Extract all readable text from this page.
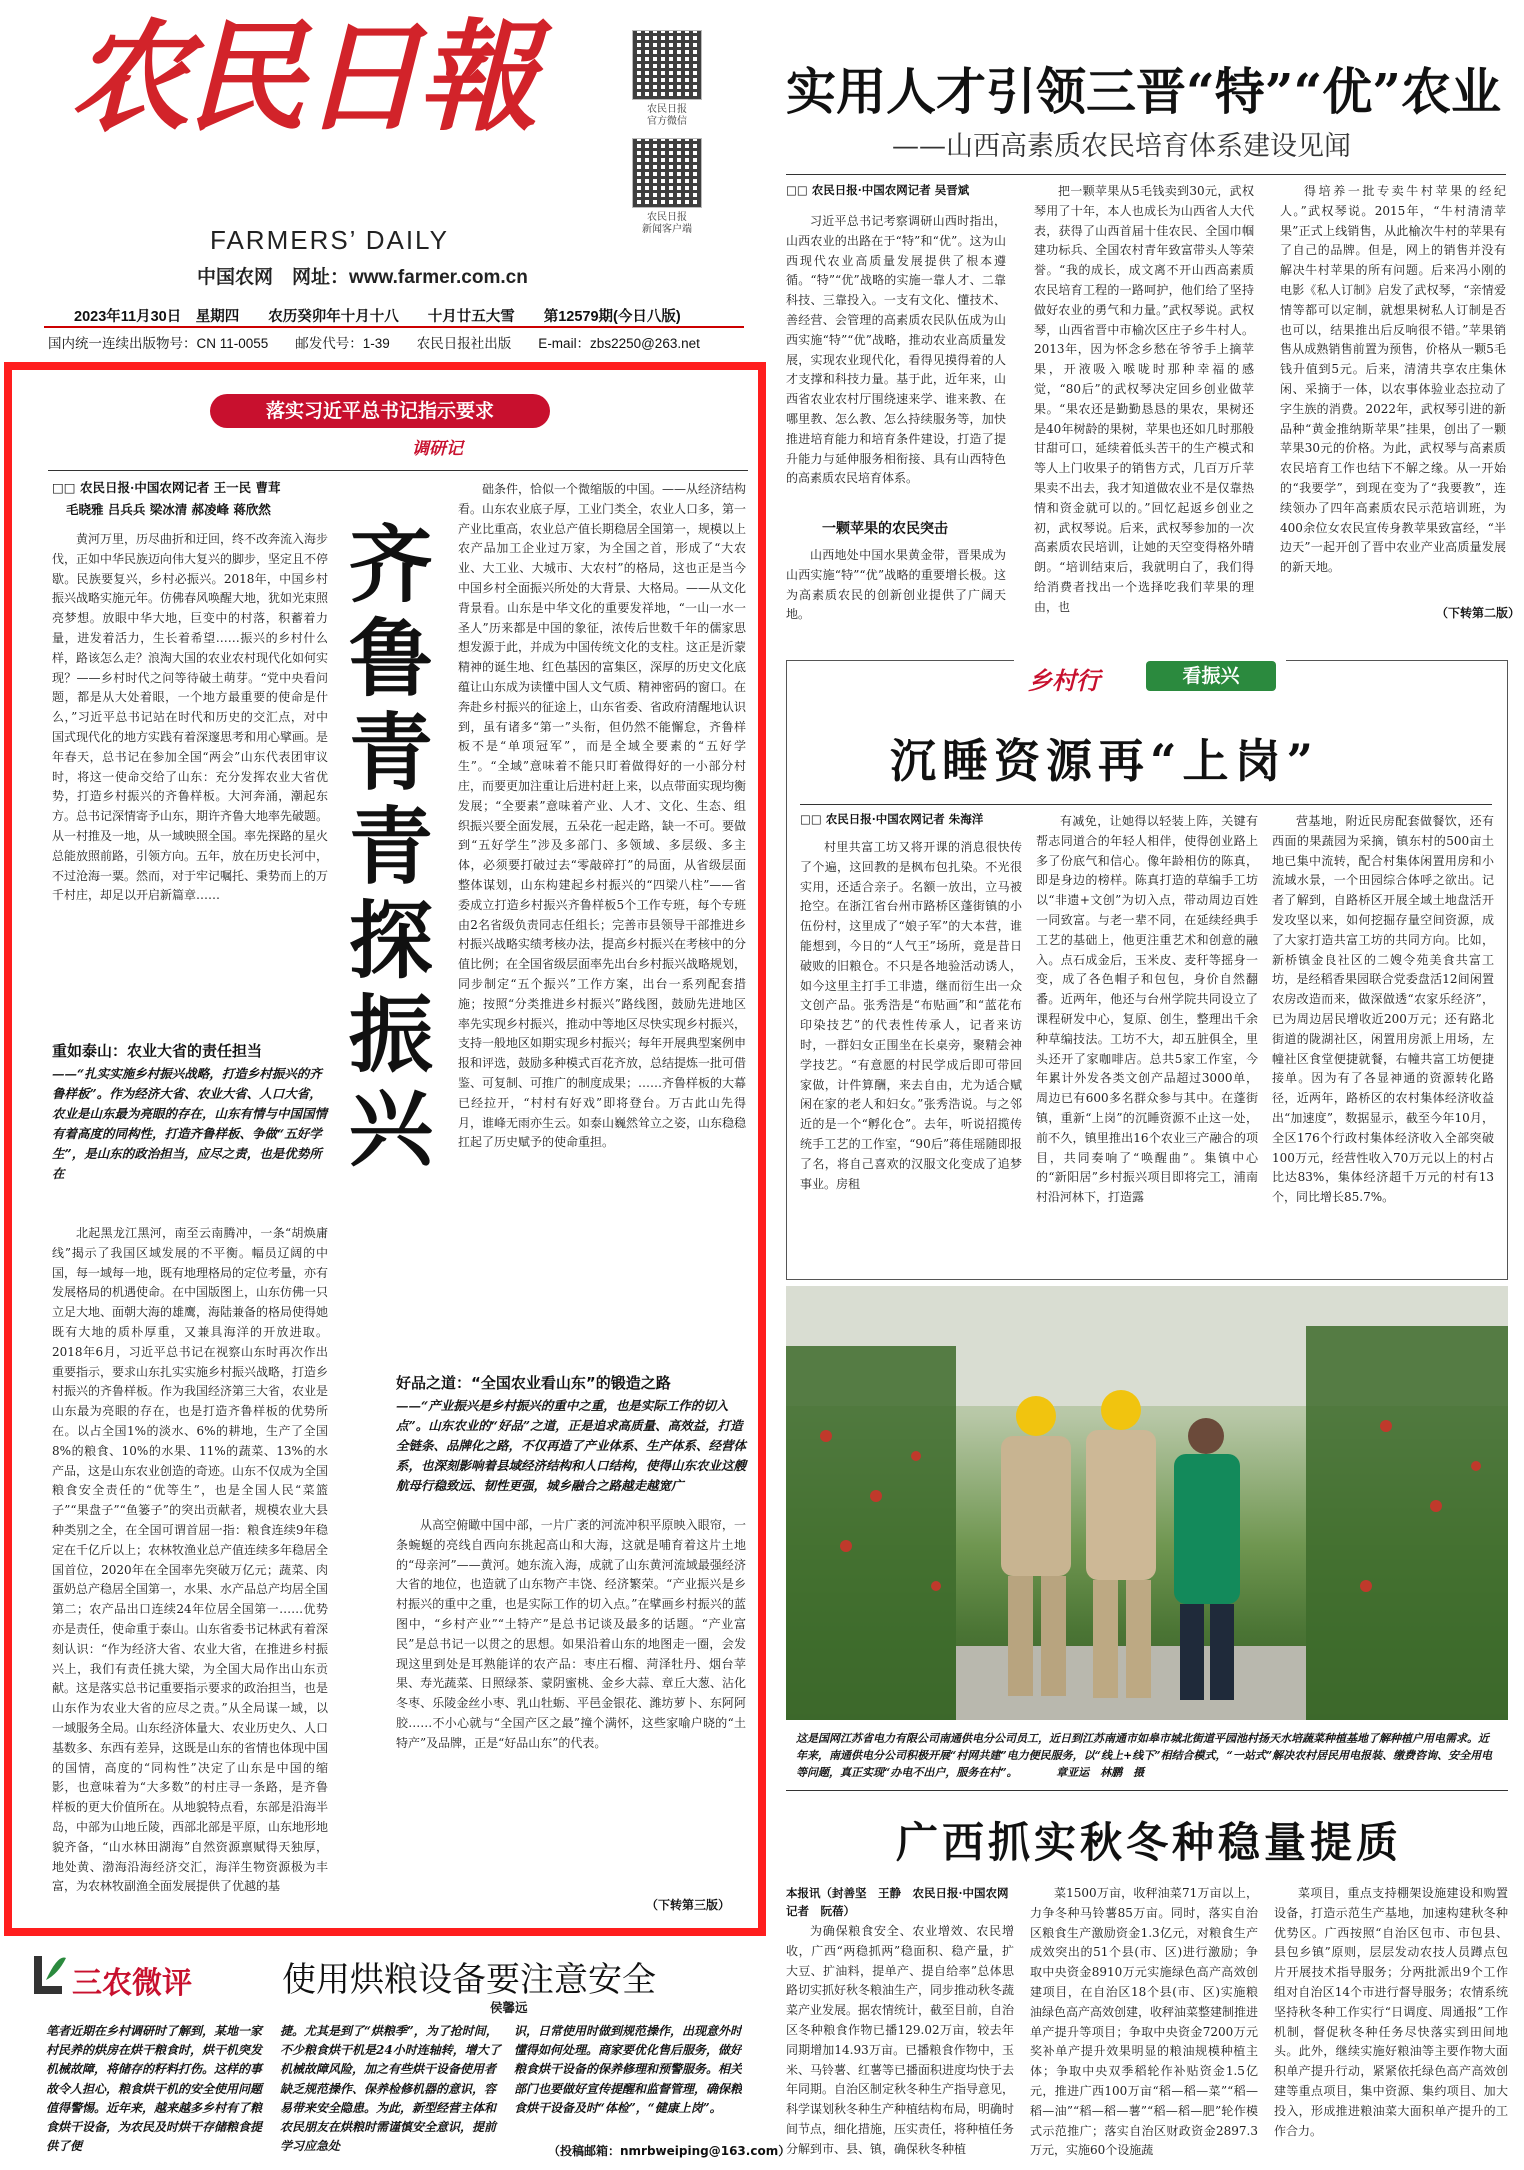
农民日報
FARMERS’ DAILY
中国农网　网址：www.farmer.com.cn
农民日报
官方微信
农民日报
新闻客户端
2023年11月30日　星期四　　农历癸卯年十月十八　　十月廿五大雪　　第12579期(今日八版)
国内统一连续出版物号：CN 11-0055　　邮发代号：1-39　　农民日报社出版　　E-mail：zbs2250@263.net
实用人才引领三晋“特”“优”农业
——山西高素质农民培育体系建设见闻
□□ 农民日报·中国农网记者 吴晋斌

习近平总书记考察调研山西时指出，山西农业的出路在于“特”和“优”。这为山西现代农业高质量发展提供了根本遵循。“特”“优”战略的实施一靠人才、二靠科技、三靠投入。一支有文化、懂技术、善经营、会管理的高素质农民队伍成为山西实施“特”“优”战略，推动农业高质量发展，实现农业现代化，看得见摸得着的人才支撑和科技力量。基于此，近年来，山西省农业农村厅围绕速来学、谁来教、在哪里教、怎么教、怎么持续服务等，加快推进培育能力和培育条件建设，打造了提升能力与延伸服务相衔接、具有山西特色的高素质农民培育体系。

一颗苹果的农民突击

山西地处中国水果黄金带，晋果成为山西实施“特”“优”战略的重要增长极。这为高素质农民的创新创业提供了广阔天地。

把一颗苹果从5毛钱卖到30元，武权琴用了十年，本人也成长为山西省人大代表，获得了山西首届十佳农民、全国巾帼建功标兵、全国农村青年致富带头人等荣誉。“我的成长，成文离不开山西高素质农民培育工程的一路呵护，他们给了坚持做好农业的勇气和力量。”武权琴说。武权琴，山西省晋中市榆次区庄子乡牛村人。2013年，因为怀念乡愁在爷爷手上摘苹果，开液吸入喉咙时那种幸福的感觉，“80后”的武权琴决定回乡创业做苹果。“果农还是勤勤恳恳的果农，果树还是40年树龄的果树，苹果也还如几时那般甘甜可口，延续着低头苦干的生产模式和等人上门收果子的销售方式，几百万斤苹果卖不出去，我才知道做农业不是仅靠热情和资金就可以的。”回忆起返乡创业之初，武权琴说。后来，武权琴参加的一次高素质农民培训，让她的天空变得格外晴朗。“培训结束后，我就明白了，我们得给消费者找出一个选择吃我们苹果的理由，也

得培养一批专卖牛村苹果的经纪人。”武权琴说。2015年，“牛村清清苹果”正式上线销售，从此榆次牛村的苹果有了自己的品牌。但是，网上的销售并没有解决牛村苹果的所有问题。后来冯小刚的电影《私人订制》启发了武权琴，“亲情爱情等都可以定制，就想果树私人订制是否也可以，结果推出后反响很不错。”苹果销售从成熟销售前置为预售，价格从一颗5毛钱升值到5元。后来，清清共享农庄集休闲、采摘于一体，以农事体验业态拉动了字生族的消费。2022年，武权琴引进的新品种“黄金推纳斯苹果”挂果，创出了一颗苹果30元的价格。为此，武权琴与高素质农民培育工作也结下不解之缘。从一开始的“我要学”，到现在变为了“我要教”，连续领办了四年高素质农民示范培训班，为400余位女农民宣传身教苹果致富经，“半边天”一起开创了晋中农业产业高质量发展的新天地。

（下转第二版）
落实习近平总书记指示要求
调研记
□□ 农民日报·中国农网记者 王一民 曹茸
毛晓雅 吕兵兵 梁冰清 郝凌峰 蒋欣然

黄河万里，历尽曲折和迂回，终不改奔流入海步伐，正如中华民族迈向伟大复兴的脚步，坚定且不停歇。民族要复兴，乡村必振兴。2018年，中国乡村振兴战略实施元年。仿佛春风唤醒大地，犹如光束照亮梦想。放眼中华大地，巨变中的村落，积蓄着力量，进发着活力，生长着希望……振兴的乡村什么样，路该怎么走？浪淘大国的农业农村现代化如何实现？——乡村时代之问等待破土萌芽。“党中央看问题，都是从大处着眼，一个地方最重要的使命是什么，”习近平总书记站在时代和历史的交汇点，对中国式现代化的地方实践有着深邃思考和用心擘画。是年春天，总书记在参加全国“两会”山东代表团审议时，将这一使命交给了山东：充分发挥农业大省优势，打造乡村振兴的齐鲁样板。大河奔涌，潮起东方。总书记深情寄予山东，期许齐鲁大地率先破题。从一村推及一地，从一域映照全国。率先探路的星火总能放照前路，引领方向。五年，放在历史长河中，不过沧海一粟。然而，对于牢记嘱托、秉势而上的万千村庄，却足以开启新篇章……

重如泰山：农业大省的责任担当
——“扎实实施乡村振兴战略，打造乡村振兴的齐鲁样板”。作为经济大省、农业大省、人口大省，农业是山东最为亮眼的存在，山东有情与中国国情有着高度的同构性，打造齐鲁样板、争做“五好学生”，是山东的政治担当，应尽之责，也是优势所在

北起黑龙江黑河，南至云南腾冲，一条“胡焕庸线”揭示了我国区域发展的不平衡。幅员辽阔的中国，每一域每一地，既有地理格局的定位考量，亦有发展格局的机遇使命。在中国版图上，山东仿佛一只立足大地、面朝大海的雄鹰，海陆兼备的格局使得她既有大地的质朴厚重，又兼具海洋的开放进取。2018年6月，习近平总书记在视察山东时再次作出重要指示，要求山东扎实实施乡村振兴战略，打造乡村振兴的齐鲁样板。作为我国经济第三大省，农业是山东最为亮眼的存在，也是打造齐鲁样板的优势所在。以占全国1%的淡水、6%的耕地，生产了全国8%的粮食、10%的水果、11%的蔬菜、13%的水产品，这是山东农业创造的奇迹。山东不仅成为全国粮食安全责任的“优等生”，也是全国人民“菜篮子”“果盘子”“鱼篓子”的突出贡献者，规模农业大县种类别之全，在全国可谓首屈一指：粮食连续9年稳定在千亿斤以上；农林牧渔业总产值连续多年稳居全国首位，2020年在全国率先突破万亿元；蔬菜、肉蛋奶总产稳居全国第一，水果、水产品总产均居全国第二；农产品出口连续24年位居全国第一……优势亦是责任，使命重于泰山。山东省委书记林武有着深刻认识：“作为经济大省、农业大省，在推进乡村振兴上，我们有责任挑大梁，为全国大局作出山东贡献。这是落实总书记重要指示要求的政治担当，也是山东作为农业大省的应尽之责。”从全局谋一域，以一域服务全局。山东经济体量大、农业历史久、人口基数多、东西有差异，这既是山东的省情也体现中国的国情，高度的“同构性”决定了山东是中国的缩影，也意味着为“大多数”的村庄寻一条路，是齐鲁样板的更大价值所在。从地貌特点看，东部是沿海半岛，中部为山地丘陵，西部北部是平原，山东地形地貌齐备，“山水林田湖海”自然资源禀赋得天独厚，地处黄、渤海沿海经济交汇，海洋生物资源极为丰富，为农林牧副渔全面发展提供了优越的基

齐鲁青青探振兴

础条件，恰似一个微缩版的中国。——从经济结构看。山东农业底子厚，工业门类全，农业人口多，第一产业比重高，农业总产值长期稳居全国第一，规模以上农产品加工企业过万家，为全国之首，形成了“大农业、大工业、大城市、大农村”的格局，这也正是当今中国乡村全面振兴所处的大背景、大格局。——从文化背景看。山东是中华文化的重要发祥地，“一山一水一圣人”历来都是中国的象征，浓传后世数千年的儒家思想发源于此，并成为中国传统文化的支柱。这正是沂蒙精神的诞生地、红色基因的富集区，深厚的历史文化底蕴让山东成为读懂中国人文气质、精神密码的窗口。在奔赴乡村振兴的征途上，山东省委、省政府清醒地认识到，虽有诸多“第一”头衔，但仍然不能懈怠，齐鲁样板不是“单项冠军”，而是全域全要素的“五好学生”。“全域”意味着不能只盯着做得好的一小部分村庄，而要更加注重让后进村赶上来，以点带面实现均衡发展；“全要素”意味着产业、人才、文化、生态、组织振兴要全面发展，五朵花一起走路，缺一不可。要做到“五好学生”涉及多部门、多领域、多层级、多主体，必须要打破过去“零敲碎打”的局面，从省级层面整体谋划，山东构建起乡村振兴的“四梁八柱”——省委成立打造乡村振兴齐鲁样板5个工作专班，每个专班由2名省级负责同志任组长；完善市县领导干部推进乡村振兴战略实绩考核办法，提高乡村振兴在考核中的分值比例；在全国省级层面率先出台乡村振兴战略规划，同步制定“五个振兴”工作方案，出台一系列配套措施；按照“分类推进乡村振兴”路线图，鼓励先进地区率先实现乡村振兴，推动中等地区尽快实现乡村振兴，支持一般地区如期实现乡村振兴；每年开展典型案例申报和评选，鼓励多种模式百花齐放，总结提炼一批可借鉴、可复制、可推广的制度成果；……齐鲁样板的大幕已经拉开，“村村有好戏”即将登台。万古此山先得月，谁峰无雨亦生云。如泰山巍然耸立之姿，山东稳稳扛起了历史赋予的使命重担。

好品之道：“全国农业看山东”的锻造之路
——“产业振兴是乡村振兴的重中之重，也是实际工作的切入点”。山东农业的“好品”之道，正是追求高质量、高效益，打造全链条、品牌化之路，不仅再造了产业体系、生产体系、经营体系，也深刻影响着县域经济结构和人口结构，使得山东农业这艘航母行稳致远、韧性更强，城乡融合之路越走越宽广

从高空俯瞰中国中部，一片广袤的河流冲积平原映入眼帘，一条蜿蜒的亮线自西向东挑起高山和大海，这就是哺育着这片土地的“母亲河”——黄河。她东流入海，成就了山东黄河流域最强经济大省的地位，也造就了山东物产丰饶、经济繁荣。“产业振兴是乡村振兴的重中之重，也是实际工作的切入点。”在擘画乡村振兴的蓝图中，“乡村产业”“土特产”是总书记谈及最多的话题。“产业富民”是总书记一以贯之的思想。如果沿着山东的地图走一圈，会发现这里到处是耳熟能详的农产品：枣庄石榴、菏泽牡丹、烟台苹果、寿光蔬菜、日照绿茶、蒙阴蜜桃、金乡大蒜、章丘大葱、沾化冬枣、乐陵金丝小枣、乳山牡蛎、平邑金银花、潍坊萝卜、东阿阿胶……不小心就与“全国产区之最”撞个满怀，这些家喻户晓的“土特产”及品牌，正是“好品山东”的代表。

（下转第三版）
乡村行	看振兴
沉睡资源再“上岗”
□□ 农民日报·中国农网记者 朱海洋

村里共富工坊又将开课的消息很快传了个遍，这回教的是枫布包扎染。不光很实用，还适合亲子。名额一放出，立马被抢空。在浙江省台州市路桥区蓬街镇的小伍份村，这里成了“娘子军”的大本营，谁能想到，今日的“人气王”场所，竟是昔日破败的旧粮仓。不只是各地验活动诱人，如今这里主打手工非遗，继而衍生出一众文创产品。张秀浩是“布贴画”和“蓝花布印染技艺”的代表性传承人，记者来访时，一群妇女正围坐在长桌旁，聚精会神学技艺。“有意愿的村民学成后即可带回家做，计件算酬，来去自由，尤为适合赋闲在家的老人和妇女。”张秀浩说。与之邻近的是一个“孵化仓”。去年，听说招揽传统手工艺的工作室，“90后”蒋佳瑶随即报了名，将自己喜欢的汉服文化变成了追梦事业。房租

有减免，让她得以轻装上阵，关键有帮志同道合的年轻人相伴，使得创业路上多了份底气和信心。像年龄相仿的陈真，即是身边的榜样。陈真打造的草编手工坊以“非遗+文创”为切入点，带动周边百姓一同致富。与老一辈不同，在延续经典手工艺的基础上，他更注重艺术和创意的融入。点石成金后，玉米皮、麦秆等摇身一变，成了各色帽子和包包，身价自然翻番。近两年，他还与台州学院共同设立了课程研发中心，复原、创生，整理出千余种草编技法。工坊不大，却五脏俱全，里头还开了家咖啡店。总共5家工作室，今年累计外发各类文创产品超过3000单，周边已有600多名群众参与其中。在蓬街镇，重新“上岗”的沉睡资源不止这一处，前不久，镇里推出16个农业三产融合的项目，共同奏响了“唤醒曲”。集镇中心的“新阳居”乡村振兴项目即将完工，浦南村沿河林下，打造露

营基地，附近民房配套做餐饮，还有西面的果蔬园为采摘，镇东村的500亩土地已集中流转，配合村集体闲置用房和小流域水景，一个田园综合体呼之欲出。记者了解到，自路桥区开展全域土地盘活开发攻坚以来，如何挖掘存量空间资源，成了大家打造共富工坊的共同方向。比如，新桥镇金良社区的二嫂令苑美食共富工坊，是经稻香果园联合党委盘活12间闲置农房改造而来，做深做透“农家乐经济”，已为周边居民增收近200万元；还有路北街道的陇湖社区，闲置用房派上用场，左幢社区食堂便捷就餐，右幢共富工坊便捷接单。因为有了各显神通的资源转化路径，近两年，路桥区的农村集体经济收益出“加速度”，数据显示，截至今年10月，全区176个行政村集体经济收入全部突破100万元，经营性收入70万元以上的村占比达83%，集体经济超千万元的村有13个，同比增长85.7%。

这是国网江苏省电力有限公司南通供电分公司员工，近日到江苏南通市如皋市城北街道平园池村扬天水培蔬菜种植基地了解种植户用电需求。近年来，南通供电分公司积极开展“村网共建”电力便民服务，以“线上+线下”相结合模式，“一站式”解决农村居民用电报装、缴费咨询、安全用电等问题，真正实现“办电不出户，服务在村”。　　　　章亚运　林鹏　摄
广西抓实秋冬种稳量提质
本报讯（封善坚　王静　农民日报·中国农网记者　阮蓓）

为确保粮食安全、农业增效、农民增收，广西“两稳抓两”稳面积、稳产量，扩大豆、扩油料，提单产、提自给率”总体思路切实抓好秋冬粮油生产，同步推动秋冬蔬菜产业发展。据农情统计，截至目前，自治区冬种粮食作物已播129.02万亩，较去年同期增加14.93万亩。已播粮食作物中，玉米、马铃薯、红薯等已播面积进度均快于去年同期。自治区制定秋冬种生产指导意见，科学谋划秋冬种生产种植结构布局，明确时间节点，细化措施，压实责任，将种植任务分解到市、县、镇，确保秋冬种植

菜1500万亩，收秤油菜71万亩以上，力争冬种马铃薯85万亩。同时，落实自治区粮食生产激励资金1.3亿元，对粮食生产成效突出的51个县(市、区)进行激励；争取中央资金8910万元实施绿色高产高效创建项目，在自治区18个县(市、区)实施粮油绿色高产高效创建，收秤油菜整建制推进单产提升等项目；争取中央资金7200万元奖补单产提升效果明显的粮油规模种植主体；争取中央双季稻轮作补贴资金1.5亿元，推进广西100万亩“稻—稻—菜”“稻—稻—油”“稻—稻—薯”“稻—稻—肥”轮作模式示范推广；落实自治区财政资金2897.3万元，实施60个设施蔬

菜项目，重点支持棚架设施建设和购置设备，打造示范生产基地，加速构建秋冬种优势区。广西按照“自治区包市、市包县、县包乡镇”原则，层层发动农技人员蹲点包片开展技术指导服务；分两批派出9个工作组对自治区14个市进行督导服务；农情系统坚持秋冬种工作实行“日调度、周通报”工作机制，督促秋冬种任务尽快落实到田间地头。此外，继续实施好粮油等主要作物大面积单产提升行动，紧紧依托绿色高产高效创建等重点项目，集中资源、集约项目、加大投入，形成推进粮油菜大面积单产提升的工作合力。

三农微评	使用烘粮设备要注意安全
侯馨远
笔者近期在乡村调研时了解到，某地一家村民养的烘房在烘干粮食时，烘干机突发机械故障，将储存的籽料打伤。这样的事故令人担心，粮食烘干机的安全使用问题值得警惕。近年来，越来越多乡村有了粮食烘干设备，为农民及时烘干存储粮食提供了便
捷。尤其是到了“烘粮季”，为了抢时间，不少粮食烘干机是24小时连轴转，增大了机械故障风险，加之有些烘干设备使用者缺乏规范操作、保养检修机器的意识，容易带来安全隐患。为此，新型经营主体和农民朋友在烘粮时需谨慎安全意识，提前学习应急处
识，日常使用时做到规范操作，出现意外时懂得如何处理。商家要优化售后服务，做好粮食烘干设备的保养修理和预警服务。相关部门也要做好宣传提醒和监督管理，确保粮食烘干设备及时“体检”，“健康上岗”。
（投稿邮箱：nmrbweiping@163.com）
